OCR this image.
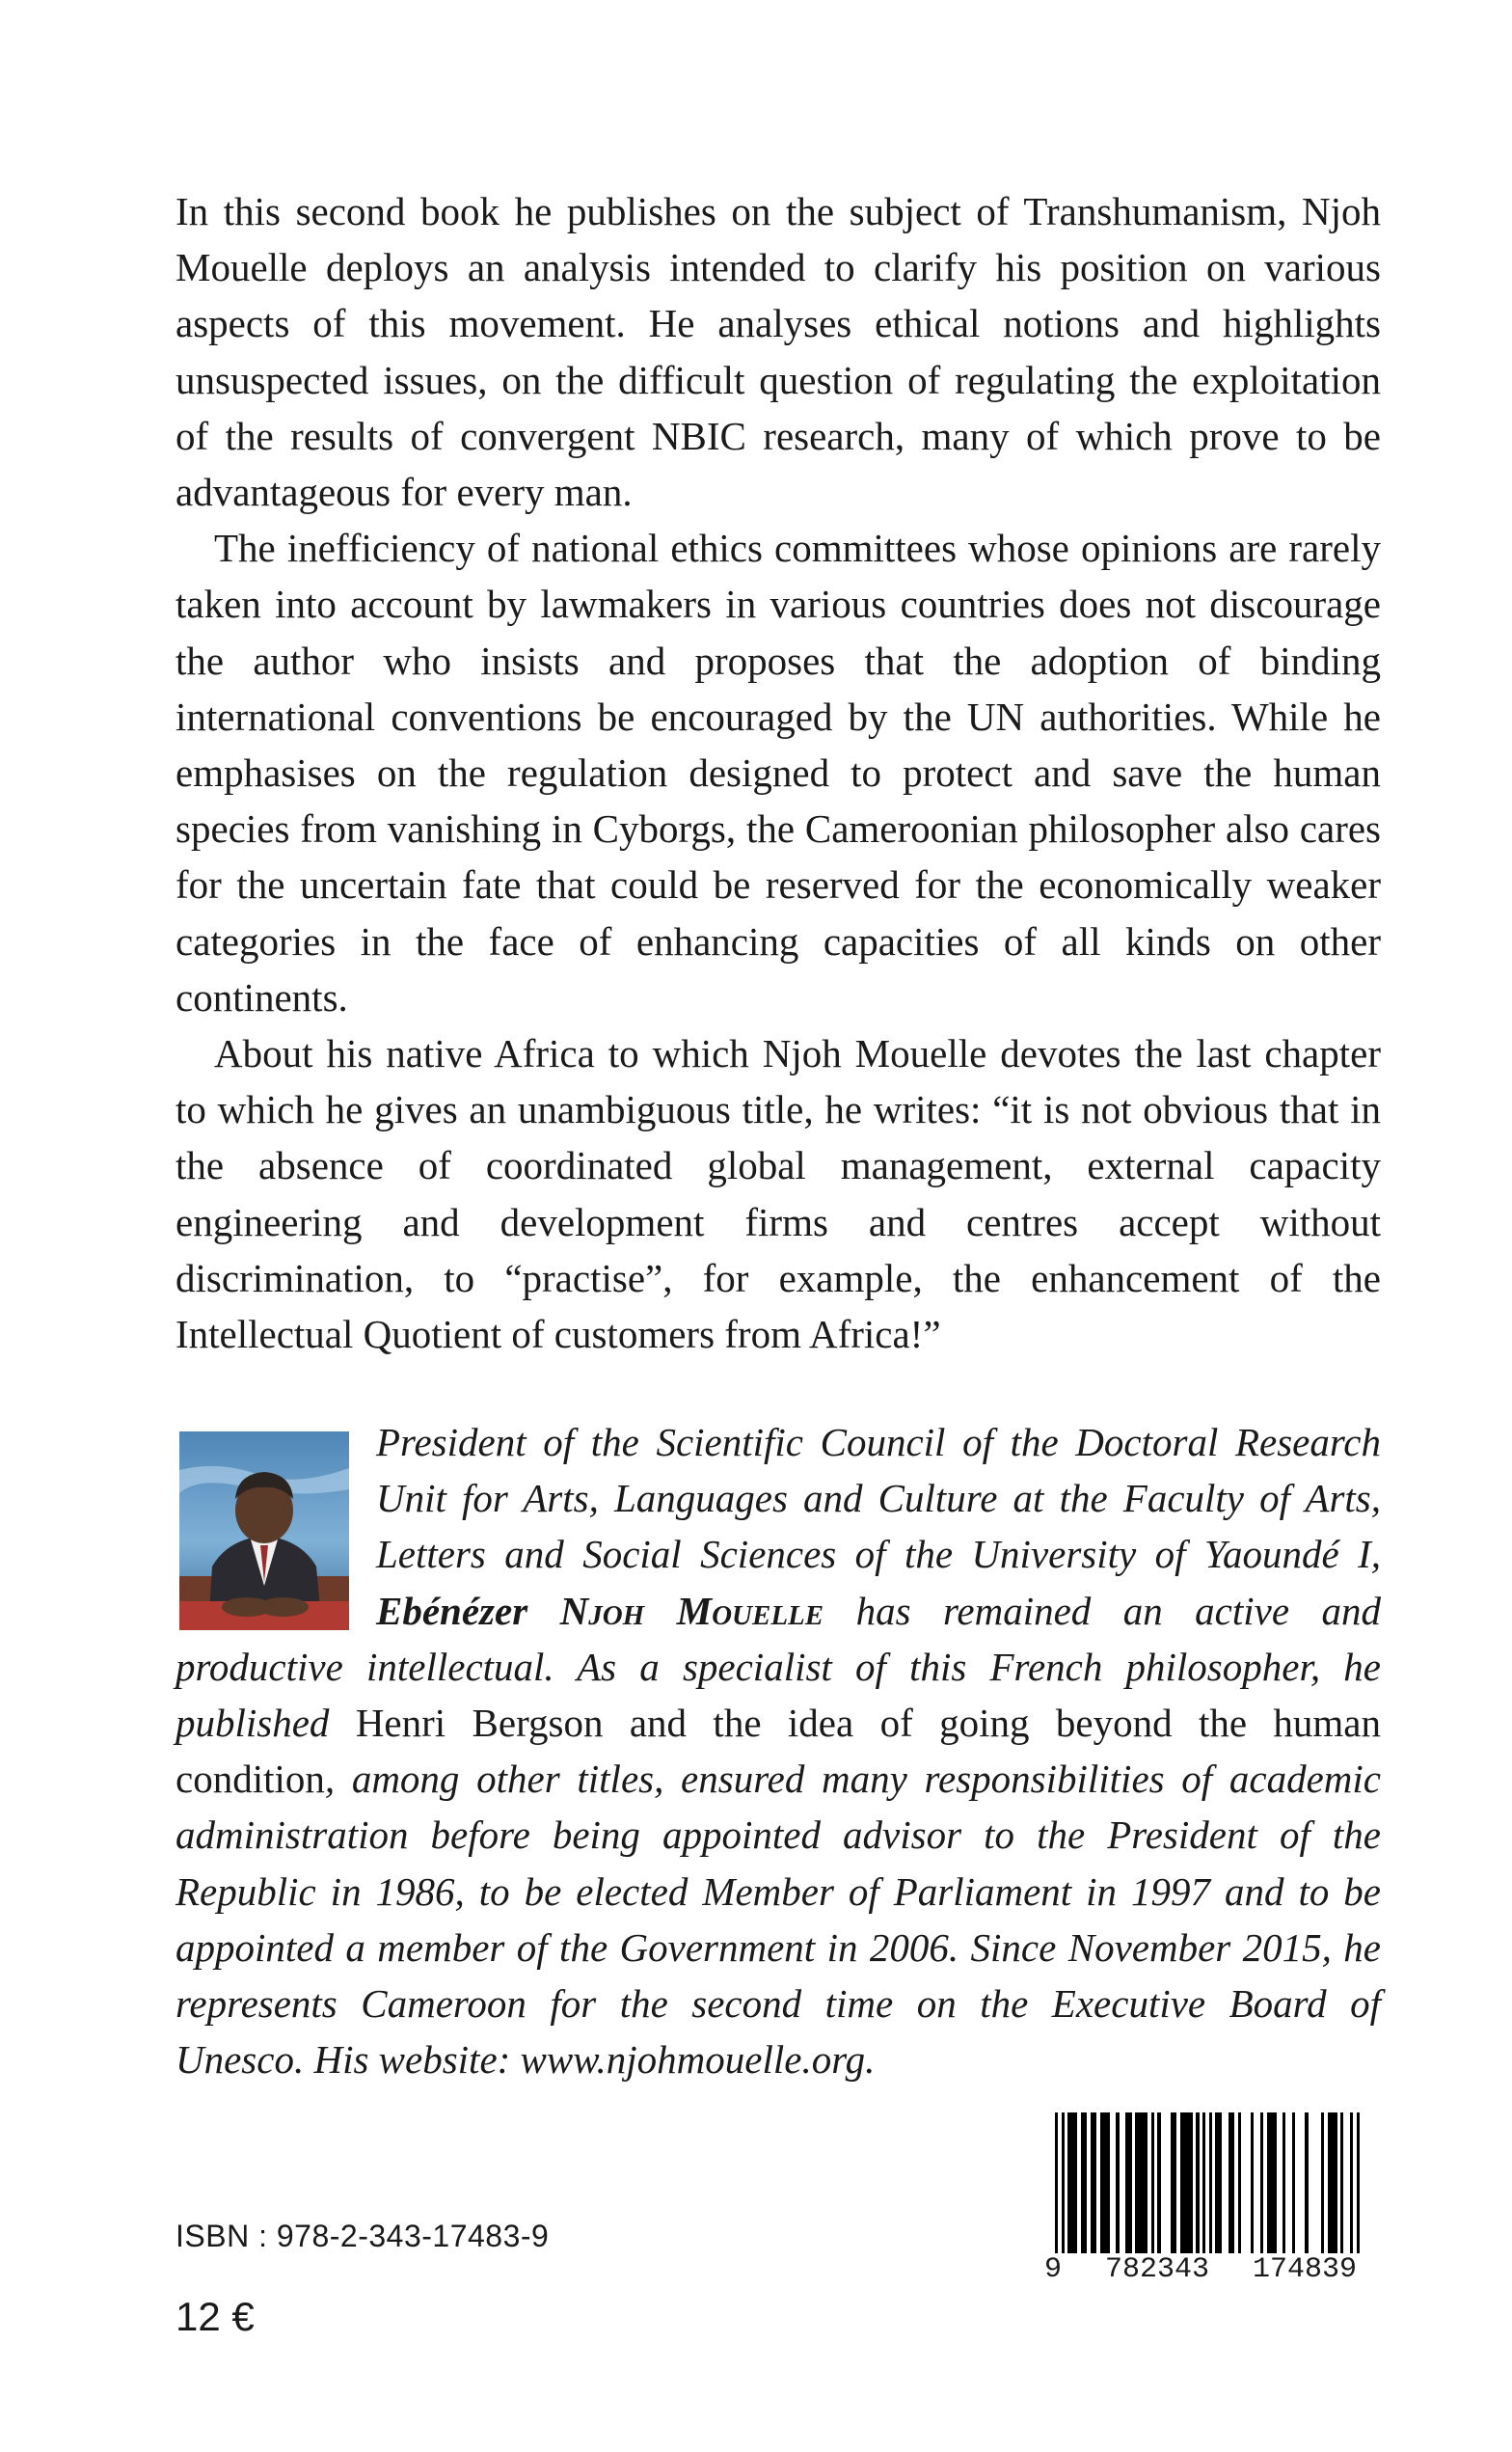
In this second book he publishes on the subject of Transhumanism, Njoh Mouelle deploys an analysis intended to clarify his position on various aspects of this movement. He analyses ethical notions and highlights unsuspected issues, on the difficult question of regulating the exploitation of the results of convergent NBIC research, many of which prove to be advantageous for every man.

The inefficiency of national ethics committees whose opinions are rarely taken into account by lawmakers in various countries does not discourage the author who insists and proposes that the adoption of binding international conventions be encouraged by the UN authorities. While he emphasises on the regulation designed to protect and save the human species from vanishing in Cyborgs, the Cameroonian philosopher also cares for the uncertain fate that could be reserved for the economically weaker categories in the face of enhancing capacities of all kinds on other continents.

About his native Africa to which Njoh Mouelle devotes the last chapter to which he gives an unambiguous title, he writes: “it is not obvious that in the absence of coordinated global management, external capacity engineering and development firms and centres accept without discrimination, to “practise”, for example, the enhancement of the Intellectual Quotient of customers from Africa!”

President of the Scientific Council of the Doctoral Research Unit for Arts, Languages and Culture at the Faculty of Arts, Letters and Social Sciences of the University of Yaoundé I, Ebénézer Njoh Mouelle has remained an active and productive intellectual. As a specialist of this French philosopher, he published Henri Bergson and the idea of going beyond the human condition, among other titles, ensured many responsibilities of academic administration before being appointed advisor to the President of the Republic in 1986, to be elected Member of Parliament in 1997 and to be appointed a member of the Government in 2006. Since November 2015, he represents Cameroon for the second time on the Executive Board of Unesco. His website: www.njohmouelle.org.
9 782343 174839
ISBN : 978-2-343-17483-9
12 €
